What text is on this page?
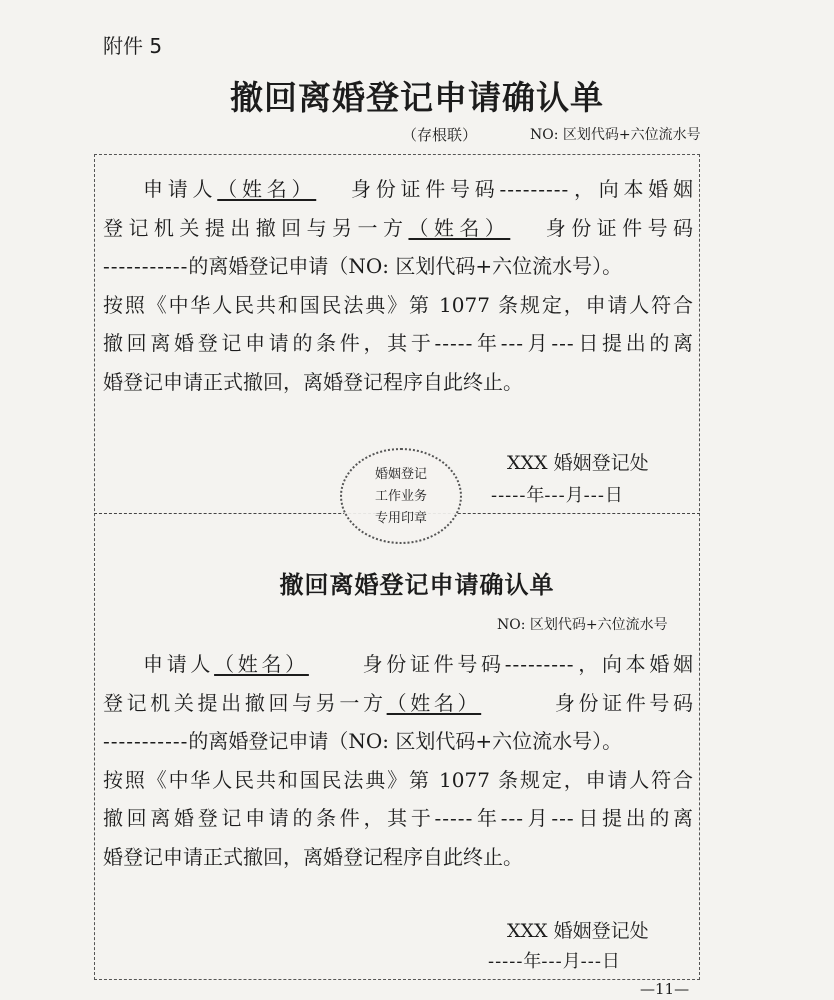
附件 5
撤回离婚登记申请确认单
（存根联）	NO: 区划代码+六位流水号
申请人（姓名） 身份证件号码---------，向本婚姻
登记机关提出撤回与另一方（姓名） 身份证件号码
-----------的离婚登记申请（NO: 区划代码+六位流水号）。
按照《中华人民共和国民法典》第 1077 条规定，申请人符合
撤回离婚登记申请的条件，其于-----年---月---日提出的离
婚登记申请正式撤回，离婚登记程序自此终止。
XXX 婚姻登记处
-----年---月---日
婚姻登记
工作业务
专用印章
撤回离婚登记申请确认单
NO: 区划代码+六位流水号
申请人（姓名）	身份证件号码---------，向本婚姻
登记机关提出撤回与另一方（姓名）	身份证件号码
-----------的离婚登记申请（NO: 区划代码+六位流水号）。
按照《中华人民共和国民法典》第 1077 条规定，申请人符合
撤回离婚登记申请的条件，其于-----年---月---日提出的离
婚登记申请正式撤回，离婚登记程序自此终止。
XXX 婚姻登记处
-----年---月---日
—11—
